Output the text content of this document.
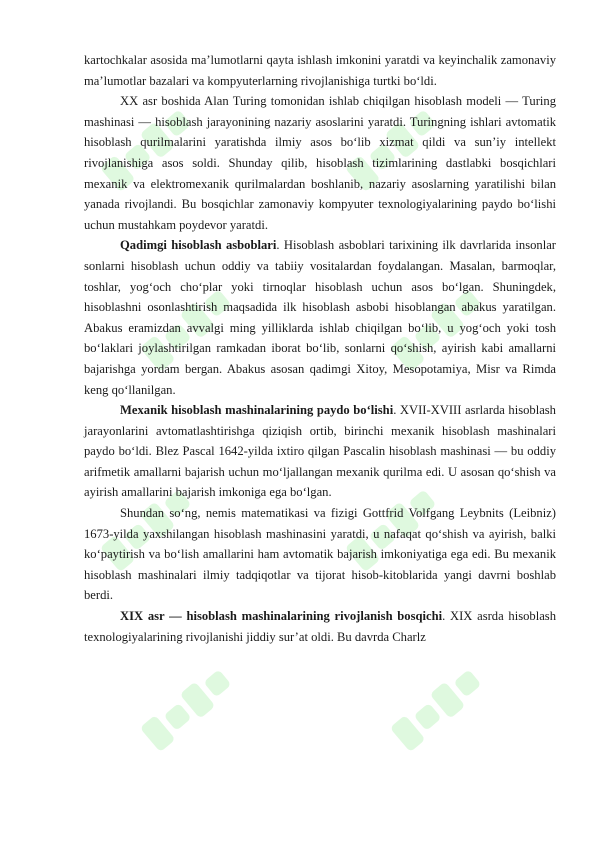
kartochkalar asosida ma’lumotlarni qayta ishlash imkonini yaratdi va keyinchalik zamonaviy ma’lumotlar bazalari va kompyuterlarning rivojlanishiga turtki bo‘ldi.

XX asr boshida Alan Turing tomonidan ishlab chiqilgan hisoblash modeli — Turing mashinasi — hisoblash jarayonining nazariy asoslarini yaratdi. Turingning ishlari avtomatik hisoblash qurilmalarini yaratishda ilmiy asos bo‘lib xizmat qildi va sun’iy intellekt rivojlanishiga asos soldi. Shunday qilib, hisoblash tizimlarining dastlabki bosqichlari mexanik va elektromexanik qurilmalardan boshlanib, nazariy asoslarning yaratilishi bilan yanada rivojlandi. Bu bosqichlar zamonaviy kompyuter texnologiyalarining paydo bo‘lishi uchun mustahkam poydevor yaratdi.

Qadimgi hisoblash asboblari. Hisoblash asboblari tarixining ilk davrlarida insonlar sonlarni hisoblash uchun oddiy va tabiiy vositalardan foydalangan. Masalan, barmoqlar, toshlar, yog‘och cho‘plar yoki tirnoqlar hisoblash uchun asos bo‘lgan. Shuningdek, hisoblashni osonlashtirish maqsadida ilk hisoblash asbobi hisoblangan abakus yaratilgan. Abakus eramizdan avvalgi ming yilliklarda ishlab chiqilgan bo‘lib, u yog‘och yoki tosh bo‘laklari joylashtirilgan ramkadan iborat bo‘lib, sonlarni qo‘shish, ayirish kabi amallarni bajarishga yordam bergan. Abakus asosan qadimgi Xitoy, Mesopotamiya, Misr va Rimda keng qo‘llanilgan.

Mexanik hisoblash mashinalarining paydo bo‘lishi. XVII-XVIII asrlarda hisoblash jarayonlarini avtomatlashtirishga qiziqish ortib, birinchi mexanik hisoblash mashinalari paydo bo‘ldi. Blez Pascal 1642-yilda ixtiro qilgan Pascalin hisoblash mashinasi — bu oddiy arifmetik amallarni bajarish uchun mo‘ljallangan mexanik qurilma edi. U asosan qo‘shish va ayirish amallarini bajarish imkoniga ega bo‘lgan.

Shundan so‘ng, nemis matematikasi va fizigi Gottfrid Volfgang Leybnits (Leibniz) 1673-yilda yaxshilangan hisoblash mashinasini yaratdi, u nafaqat qo‘shish va ayirish, balki ko‘paytirish va bo‘lish amallarini ham avtomatik bajarish imkoniyatiga ega edi. Bu mexanik hisoblash mashinalari ilmiy tadqiqotlar va tijorat hisob-kitoblarida yangi davrni boshlab berdi.

XIX asr — hisoblash mashinalarining rivojlanish bosqichi. XIX asrda hisoblash texnologiyalarining rivojlanishi jiddiy sur’at oldi. Bu davrda Charlz
